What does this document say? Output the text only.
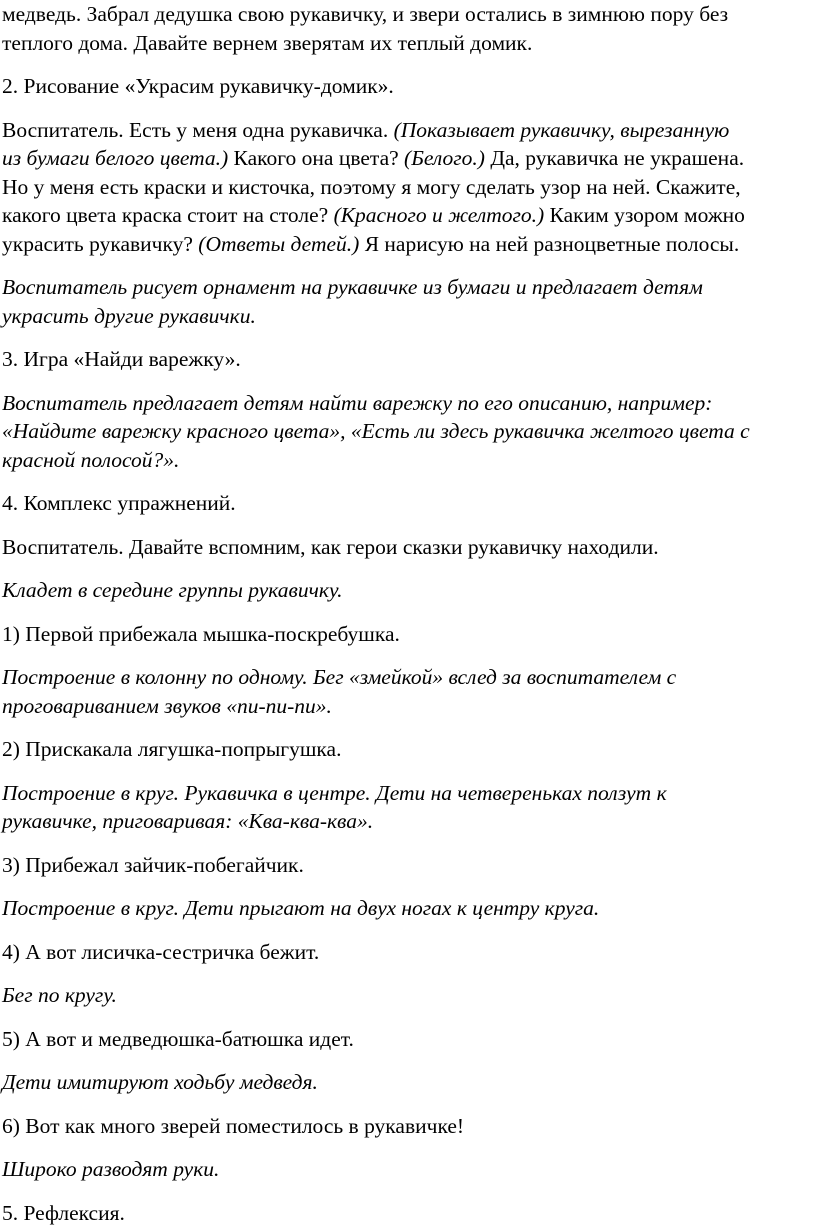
медведь. Забрал дедушка свою рукавичку, и звери остались в зимнюю пору без
теплого дома. Давайте вернем зверятам их теплый домик.
2. Рисование «Украсим рукавичку-домик».
Воспитатель. Есть у меня одна рукавичка. (Показывает рукавичку, вырезанную
из бумаги белого цвета.) Какого она цвета? (Белого.) Да, рукавичка не украшена.
Но у меня есть краски и кисточка, поэтому я могу сделать узор на ней. Скажите,
какого цвета краска стоит на столе? (Красного и желтого.) Каким узором можно
украсить рукавичку? (Ответы детей.) Я нарисую на ней разноцветные полосы.
Воспитатель рисует орнамент на рукавичке из бумаги и предлагает детям
украсить другие рукавички.
3. Игра «Найди варежку».
Воспитатель предлагает детям найти варежку по его описанию, например:
«Найдите варежку красного цвета», «Есть ли здесь рукавичка желтого цвета с
красной полосой?».
4. Комплекс упражнений.
Воспитатель. Давайте вспомним, как герои сказки рукавичку находили.
Кладет в середине группы рукавичку.
1) Первой прибежала мышка-поскребушка.
Построение в колонну по одному. Бег «змейкой» вслед за воспитателем с
проговариванием звуков «пи-пи-пи».
2) Прискакала лягушка-попрыгушка.
Построение в круг. Рукавичка в центре. Дети на четвереньках ползут к
рукавичке, приговаривая: «Ква-ква-ква».
3) Прибежал зайчик-побегайчик.
Построение в круг. Дети прыгают на двух ногах к центру круга.
4) А вот лисичка-сестричка бежит.
Бег по кругу.
5) А вот и медведюшка-батюшка идет.
Дети имитируют ходьбу медведя.
6) Вот как много зверей поместилось в рукавичке!
Широко разводят руки.
5. Рефлексия.
